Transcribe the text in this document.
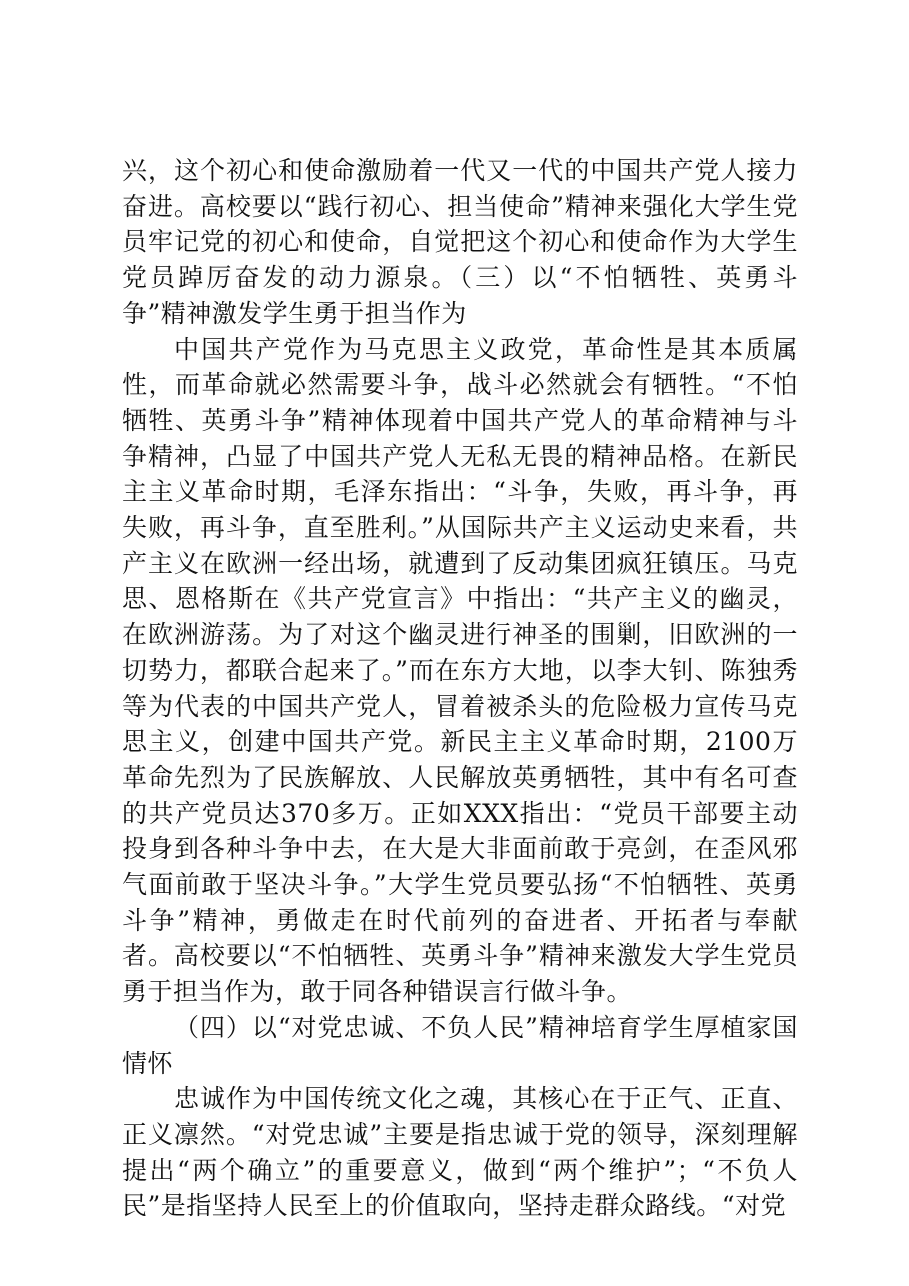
兴，这个初心和使命激励着一代又一代的中国共产党人接力奋进。高校要以“践行初心、担当使命”精神来强化大学生党员牢记党的初心和使命，自觉把这个初心和使命作为大学生党员踔厉奋发的动力源泉。（三）以“不怕牺牲、英勇斗争”精神激发学生勇于担当作为

中国共产党作为马克思主义政党，革命性是其本质属性，而革命就必然需要斗争，战斗必然就会有牺牲。“不怕牺牲、英勇斗争”精神体现着中国共产党人的革命精神与斗争精神，凸显了中国共产党人无私无畏的精神品格。在新民主主义革命时期，毛泽东指出：“斗争，失败，再斗争，再失败，再斗争，直至胜利。”从国际共产主义运动史来看，共产主义在欧洲一经出场，就遭到了反动集团疯狂镇压。马克思、恩格斯在《共产党宣言》中指出：“共产主义的幽灵，在欧洲游荡。为了对这个幽灵进行神圣的围剿，旧欧洲的一切势力，都联合起来了。”而在东方大地，以李大钊、陈独秀等为代表的中国共产党人，冒着被杀头的危险极力宣传马克思主义，创建中国共产党。新民主主义革命时期，2100万革命先烈为了民族解放、人民解放英勇牺牲，其中有名可查的共产党员达370多万。正如XXX指出：“党员干部要主动投身到各种斗争中去，在大是大非面前敢于亮剑，在歪风邪气面前敢于坚决斗争。”大学生党员要弘扬“不怕牺牲、英勇斗争”精神，勇做走在时代前列的奋进者、开拓者与奉献者。高校要以“不怕牺牲、英勇斗争”精神来激发大学生党员勇于担当作为，敢于同各种错误言行做斗争。

（四）以“对党忠诚、不负人民”精神培育学生厚植家国情怀

忠诚作为中国传统文化之魂，其核心在于正气、正直、正义凛然。“对党忠诚”主要是指忠诚于党的领导，深刻理解提出“两个确立”的重要意义，做到“两个维护”；“不负人民”是指坚持人民至上的价值取向，坚持走群众路线。“对党
